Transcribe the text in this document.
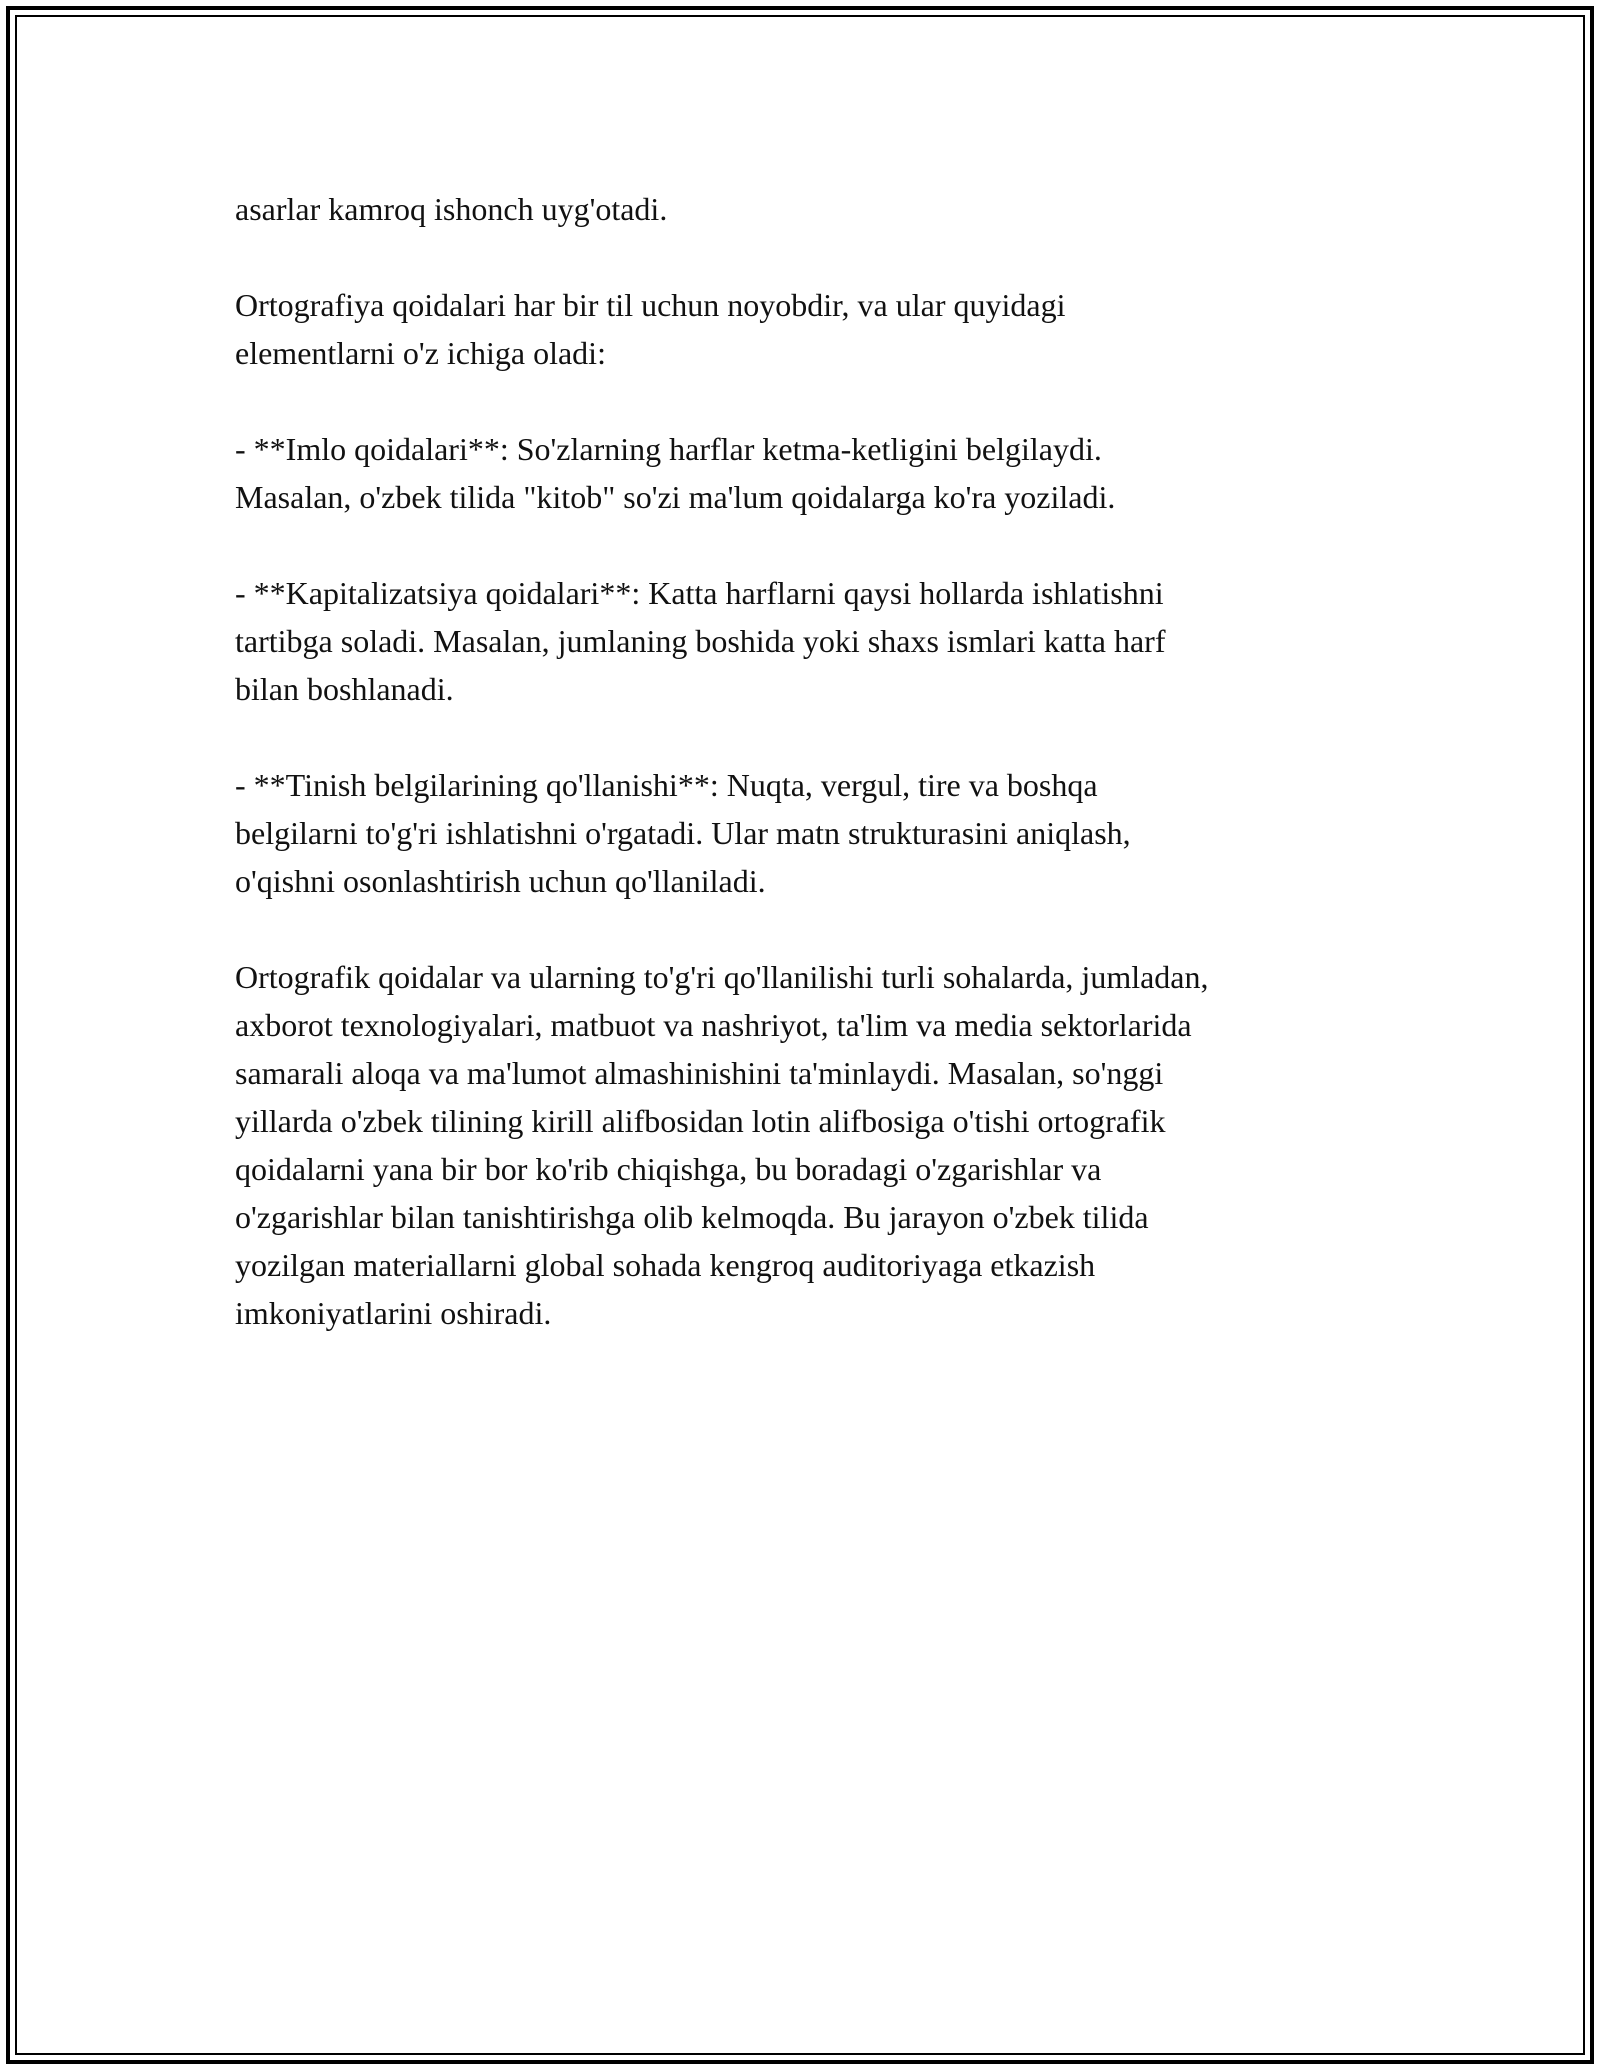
asarlar kamroq ishonch uyg'otadi.

Ortografiya qoidalari har bir til uchun noyobdir, va ular quyidagi
elementlarni o'z ichiga oladi:

- **Imlo qoidalari**: So'zlarning harflar ketma-ketligini belgilaydi.
Masalan, o'zbek tilida "kitob" so'zi ma'lum qoidalarga ko'ra yoziladi.

- **Kapitalizatsiya qoidalari**: Katta harflarni qaysi hollarda ishlatishni
tartibga soladi. Masalan, jumlaning boshida yoki shaxs ismlari katta harf
bilan boshlanadi.

- **Tinish belgilarining qo'llanishi**: Nuqta, vergul, tire va boshqa
belgilarni to'g'ri ishlatishni o'rgatadi. Ular matn strukturasini aniqlash,
o'qishni osonlashtirish uchun qo'llaniladi.

Ortografik qoidalar va ularning to'g'ri qo'llanilishi turli sohalarda, jumladan,
axborot texnologiyalari, matbuot va nashriyot, ta'lim va media sektorlarida
samarali aloqa va ma'lumot almashinishini ta'minlaydi. Masalan, so'nggi
yillarda o'zbek tilining kirill alifbosidan lotin alifbosiga o'tishi ortografik
qoidalarni yana bir bor ko'rib chiqishga, bu boradagi o'zgarishlar va
o'zgarishlar bilan tanishtirishga olib kelmoqda. Bu jarayon o'zbek tilida
yozilgan materiallarni global sohada kengroq auditoriyaga etkazish
imkoniyatlarini oshiradi.
